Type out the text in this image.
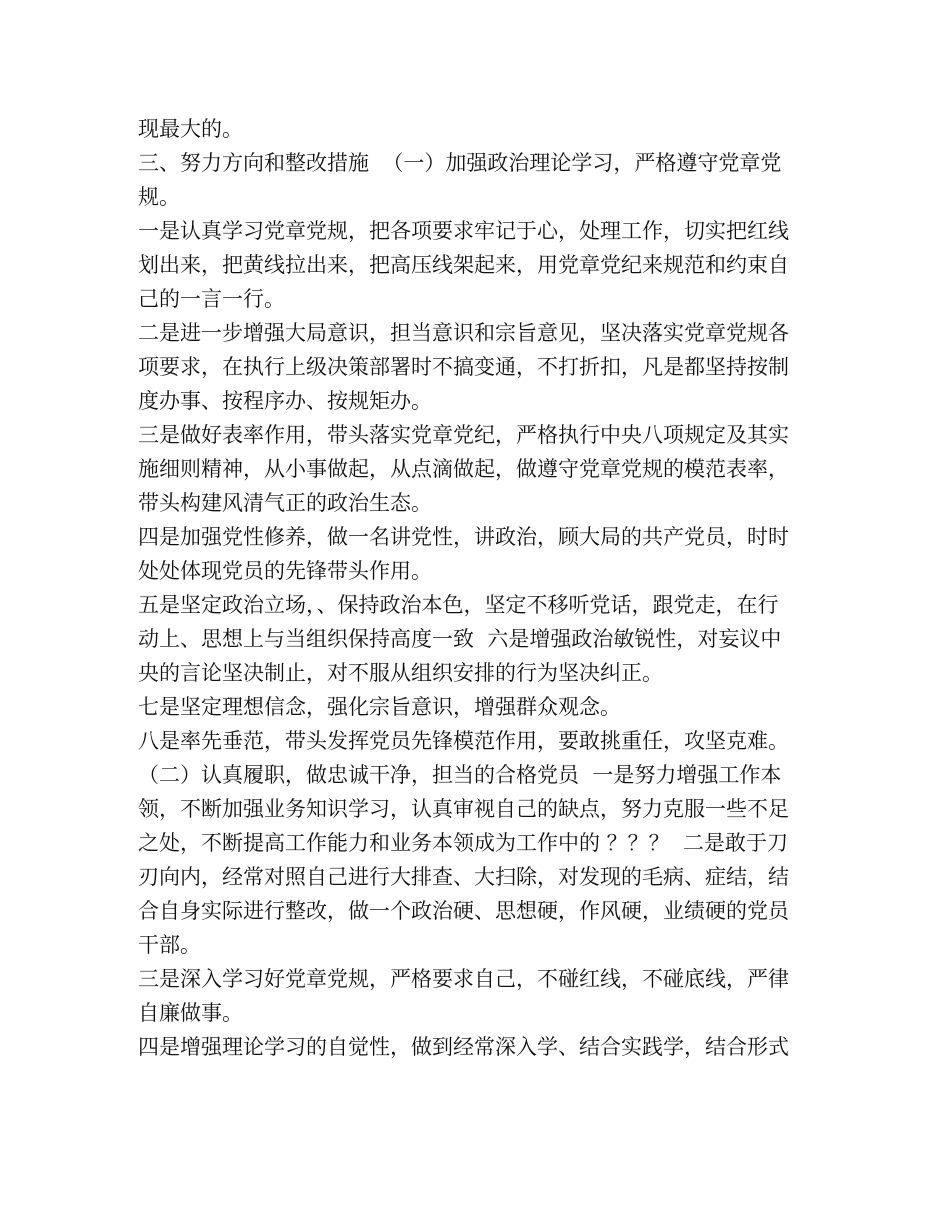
现最大的。
三、努力方向和整改措施  （一）加强政治理论学习，严格遵守党章党
规。
一是认真学习党章党规，把各项要求牢记于心，处理工作，切实把红线
划出来，把黄线拉出来，把高压线架起来，用党章党纪来规范和约束自
己的一言一行。
二是进一步增强大局意识，担当意识和宗旨意见，坚决落实党章党规各
项要求，在执行上级决策部署时不搞变通，不打折扣，凡是都坚持按制
度办事、按程序办、按规矩办。
三是做好表率作用，带头落实党章党纪，严格执行中央八项规定及其实
施细则精神，从小事做起，从点滴做起，做遵守党章党规的模范表率，
带头构建风清气正的政治生态。
四是加强党性修养，做一名讲党性，讲政治，顾大局的共产党员，时时
处处体现党员的先锋带头作用。
五是坚定政治立场，、保持政治本色，坚定不移听党话，跟党走，在行
动上、思想上与当组织保持高度一致  六是增强政治敏锐性，对妄议中
央的言论坚决制止，对不服从组织安排的行为坚决纠正。
七是坚定理想信念，强化宗旨意识，增强群众观念。
八是率先垂范，带头发挥党员先锋模范作用，要敢挑重任，攻坚克难。
（二）认真履职，做忠诚干净，担当的合格党员  一是努力增强工作本
领，不断加强业务知识学习，认真审视自己的缺点，努力克服一些不足
之处，不断提高工作能力和业务本领成为工作中的 ？？？  二是敢于刀
刃向内，经常对照自己进行大排查、大扫除，对发现的毛病、症结，结
合自身实际进行整改，做一个政治硬、思想硬，作风硬，业绩硬的党员
干部。
三是深入学习好党章党规，严格要求自己，不碰红线，不碰底线，严律
自廉做事。
四是增强理论学习的自觉性，做到经常深入学、结合实践学，结合形式
